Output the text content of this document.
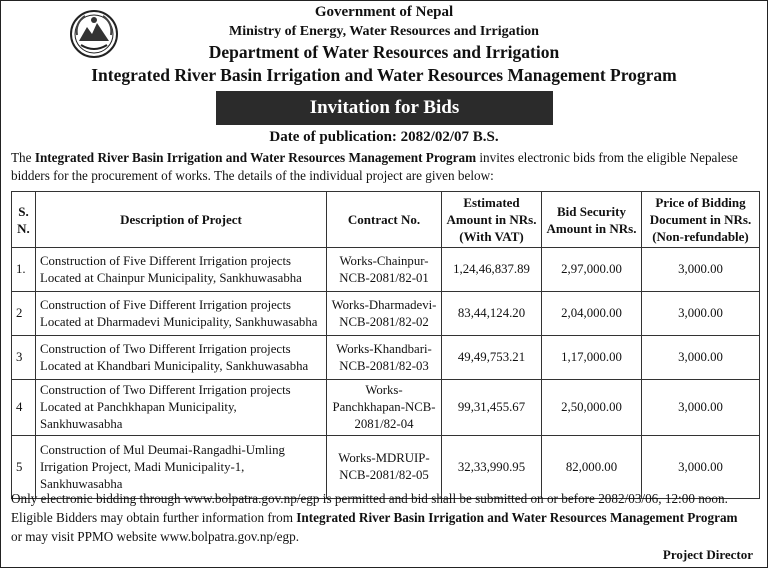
Government of Nepal
Ministry of Energy, Water Resources and Irrigation
Department of Water Resources and Irrigation
Integrated River Basin Irrigation and Water Resources Management Program
Invitation for Bids
Date of publication: 2082/02/07 B.S.
The Integrated River Basin Irrigation and Water Resources Management Program invites electronic bids from the eligible Nepalese bidders for the procurement of works. The details of the individual project are given below:
S. N.	Description of Project	Contract No.	Estimated Amount in NRs. (With VAT)	Bid Security Amount in NRs.	Price of Bidding Document in NRs. (Non-refundable)
1.	Construction of Five Different Irrigation projects Located at Chainpur Municipality, Sankhuwasabha	Works-Chainpur-NCB-2081/82-01	1,24,46,837.89	2,97,000.00	3,000.00
2	Construction of Five Different Irrigation projects Located at Dharmadevi Municipality, Sankhuwasabha	Works-Dharmadevi-NCB-2081/82-02	83,44,124.20	2,04,000.00	3,000.00
3	Construction of Two Different Irrigation projects Located at Khandbari Municipality, Sankhuwasabha	Works-Khandbari-NCB-2081/82-03	49,49,753.21	1,17,000.00	3,000.00
4	Construction of Two Different Irrigation projects Located at Panchkhapan Municipality, Sankhuwasabha	Works-Panchkhapan-NCB-2081/82-04	99,31,455.67	2,50,000.00	3,000.00
5	Construction of Mul Deumai-Rangadhi-Umling Irrigation Project, Madi Municipality-1, Sankhuwasabha	Works-MDRUIP-NCB-2081/82-05	32,33,990.95	82,000.00	3,000.00
Only electronic bidding through www.bolpatra.gov.np/egp is permitted and bid shall be submitted on or before 2082/03/06, 12:00 noon.
Eligible Bidders may obtain further information from Integrated River Basin Irrigation and Water Resources Management Program
or may visit PPMO website www.bolpatra.gov.np/egp.
Project Director
